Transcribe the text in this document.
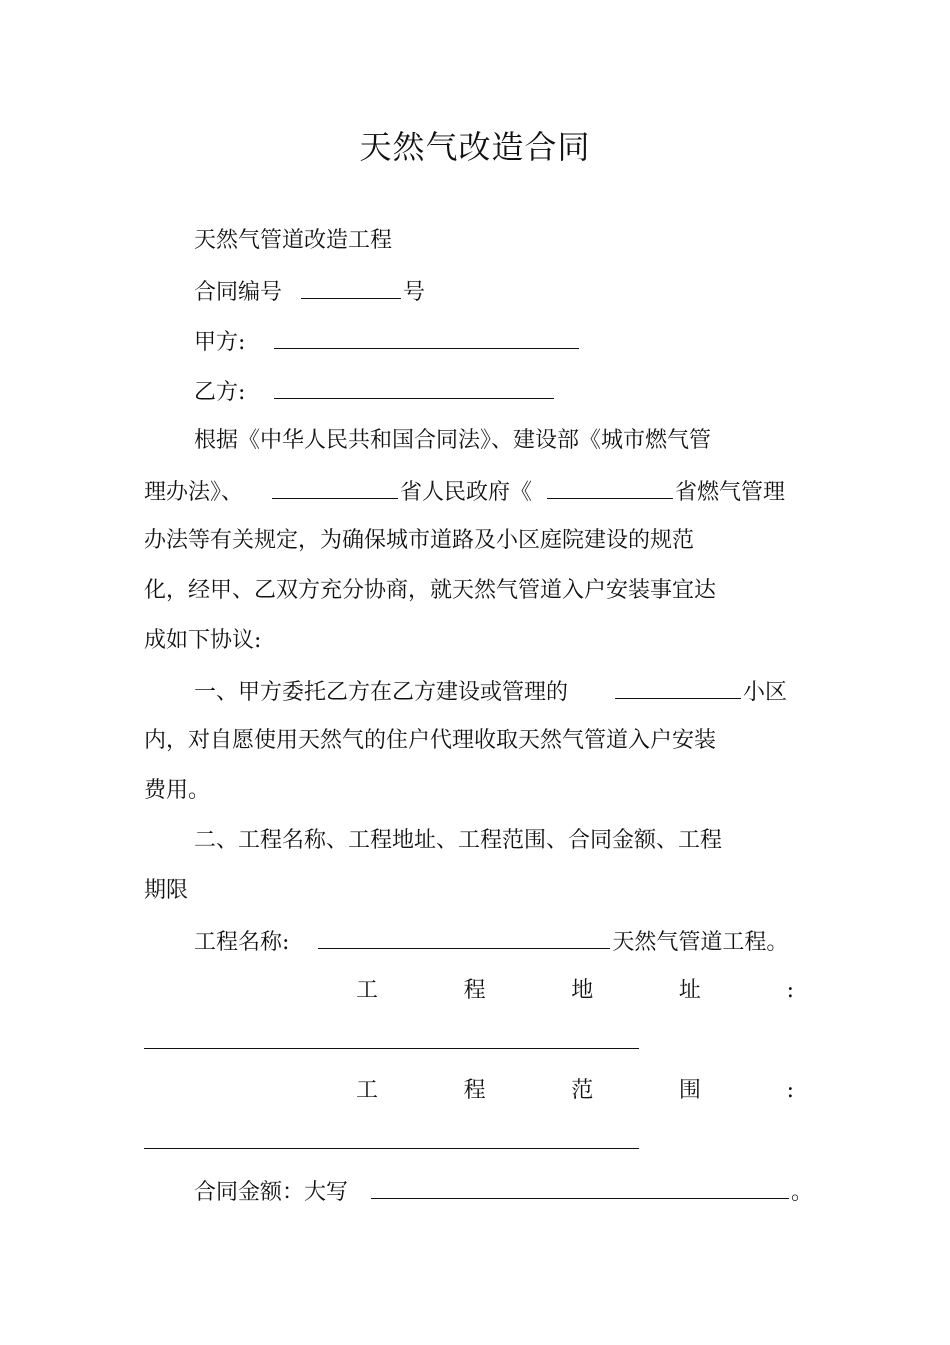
天然气改造合同
天然气管道改造工程
合同编号	号
甲方:
乙方:
根据《中华人民共和国合同法》、建设部《城市燃气管
理办法》、	省人民政府《	省燃气管理
办法等有关规定，为确保城市道路及小区庭院建设的规范
化，经甲、乙双方充分协商，就天然气管道入户安装事宜达
成如下协议:
一、甲方委托乙方在乙方建设或管理的	小区
内，对自愿使用天然气的住户代理收取天然气管道入户安装
费用。
二、工程名称、工程地址、工程范围、合同金额、工程
期限
工程名称:	天然气管道工程。
工	程	地	址	:
工	程	范	围	:
合同金额：大写	。
